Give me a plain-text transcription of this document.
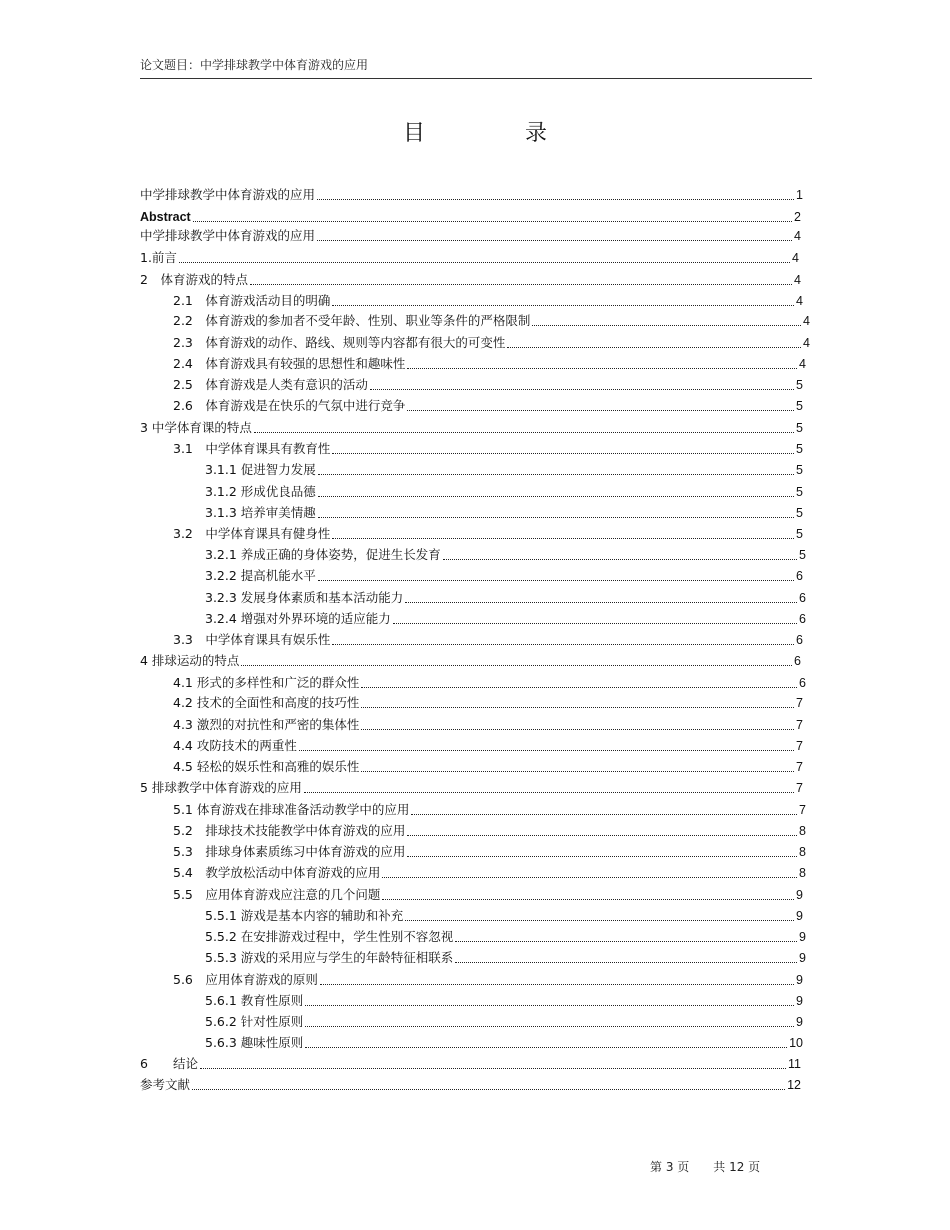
论文题目：中学排球教学中体育游戏的应用
目	录
中学排球教学中体育游戏的应用	1
Abstract	2
中学排球教学中体育游戏的应用	4
1.前言	4
2　体育游戏的特点	4
2.1　体育游戏活动目的明确	4
2.2　体育游戏的参加者不受年龄、性别、职业等条件的严格限制	4
2.3　体育游戏的动作、路线、规则等内容都有很大的可变性	4
2.4　体育游戏具有较强的思想性和趣味性	4
2.5　体育游戏是人类有意识的活动	5
2.6　体育游戏是在快乐的气氛中进行竞争	5
3 中学体育课的特点	5
3.1　中学体育课具有教育性	5
3.1.1 促进智力发展	5
3.1.2 形成优良品德	5
3.1.3 培养审美情趣	5
3.2　中学体育课具有健身性	5
3.2.1 养成正确的身体姿势，促进生长发育	5
3.2.2 提高机能水平	6
3.2.3 发展身体素质和基本活动能力	6
3.2.4 增强对外界环境的适应能力	6
3.3　中学体育课具有娱乐性	6
4 排球运动的特点	6
4.1 形式的多样性和广泛的群众性	6
4.2 技术的全面性和高度的技巧性	7
4.3 激烈的对抗性和严密的集体性	7
4.4 攻防技术的两重性	7
4.5 轻松的娱乐性和高雅的娱乐性	7
5 排球教学中体育游戏的应用	7
5.1 体育游戏在排球准备活动教学中的应用	7
5.2　排球技术技能教学中体育游戏的应用	8
5.3　排球身体素质练习中体育游戏的应用	8
5.4　教学放松活动中体育游戏的应用	8
5.5　应用体育游戏应注意的几个问题	9
5.5.1 游戏是基本内容的辅助和补充	9
5.5.2 在安排游戏过程中，学生性别不容忽视	9
5.5.3 游戏的采用应与学生的年龄特征相联系	9
5.6　应用体育游戏的原则	9
5.6.1 教育性原则	9
5.6.2 针对性原则	9
5.6.3 趣味性原则	10
6　　结论	11
参考文献	12
第 3 页 共 12 页
